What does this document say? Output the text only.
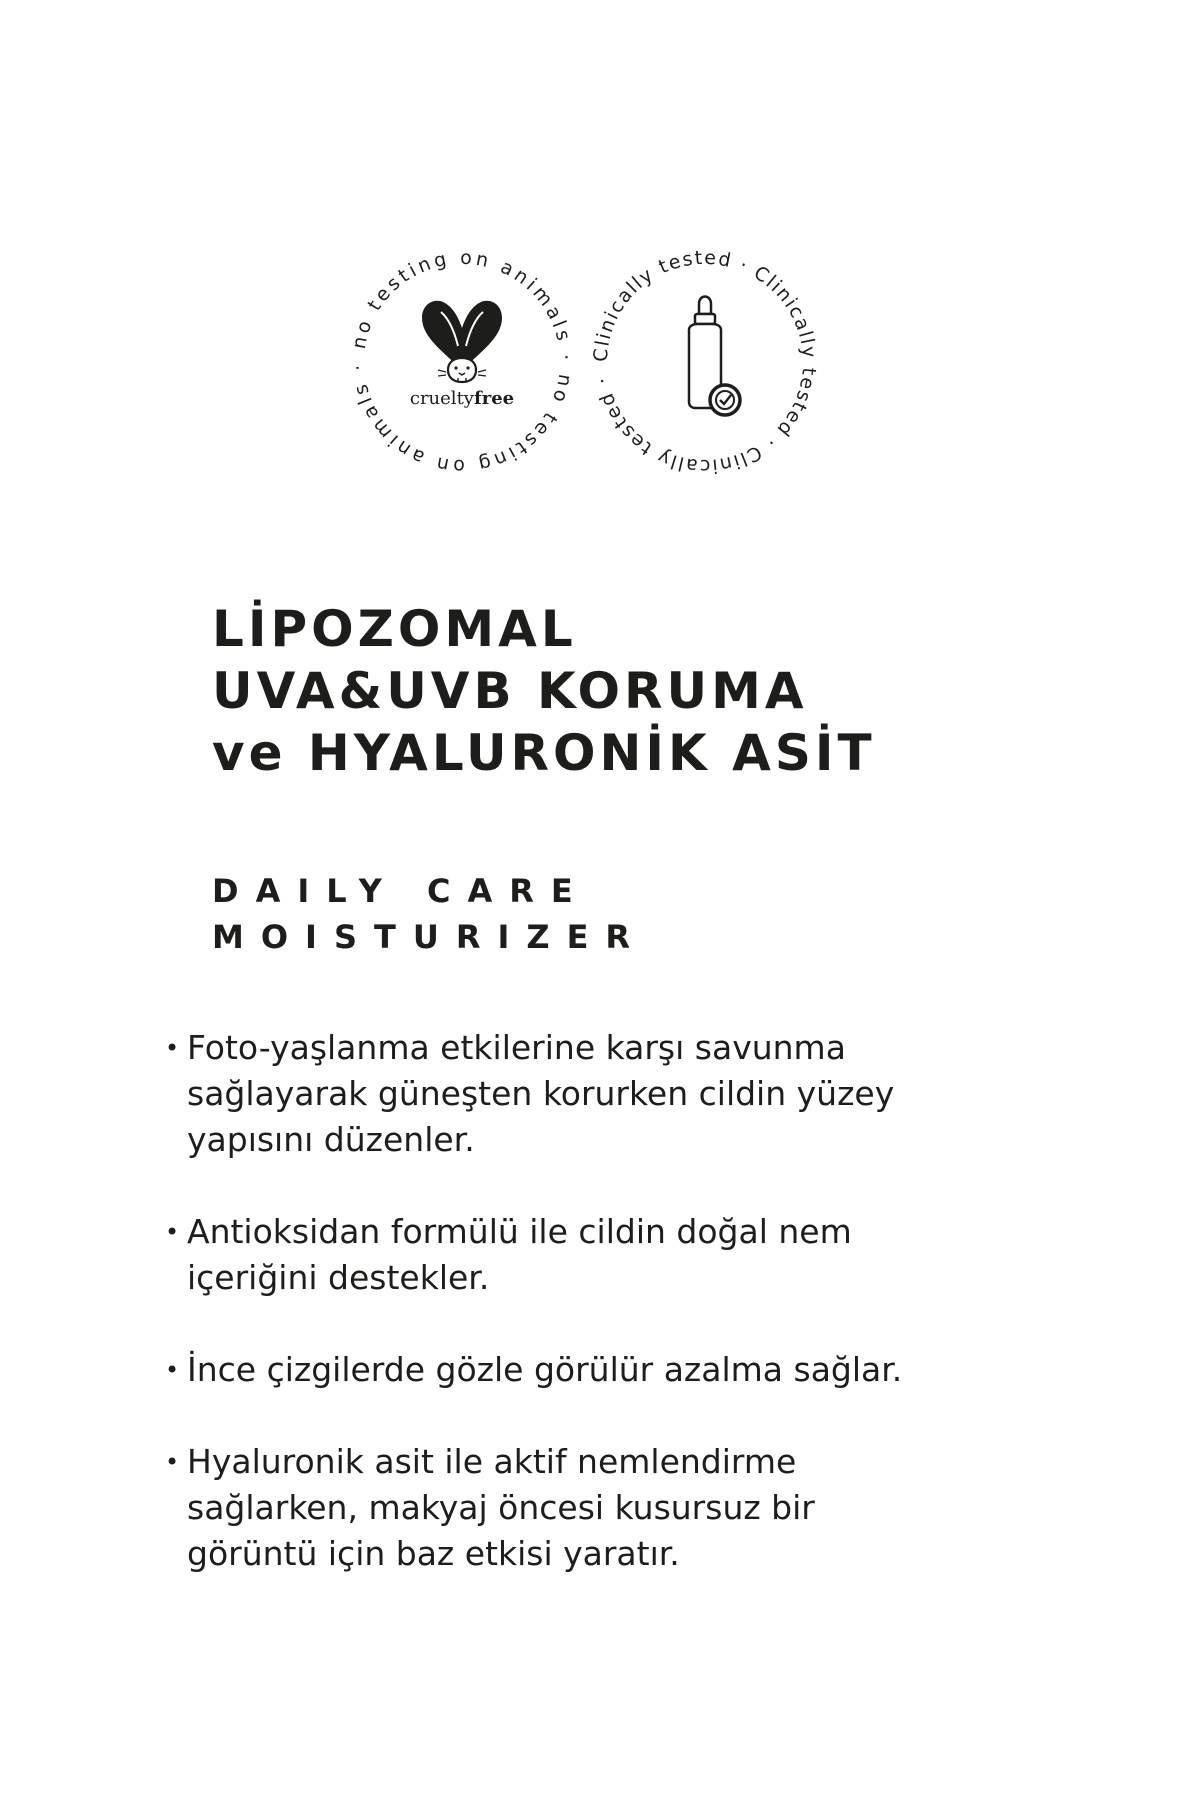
no testing on animals · no testing on animals ·
crueltyfree
Clinically tested · Clinically tested · Clinically tested ·
LİPOZOMAL
UVA&UVB KORUMA
ve HYALURONİK ASİT
DAILY CARE
MOISTURIZER
• Foto-yaşlanma etkilerine karşı savunma
sağlayarak güneşten korurken cildin yüzey
yapısını düzenler.
• Antioksidan formülü ile cildin doğal nem
içeriğini destekler.
• İnce çizgilerde gözle görülür azalma sağlar.
• Hyaluronik asit ile aktif nemlendirme
sağlarken, makyaj öncesi kusursuz bir
görüntü için baz etkisi yaratır.
